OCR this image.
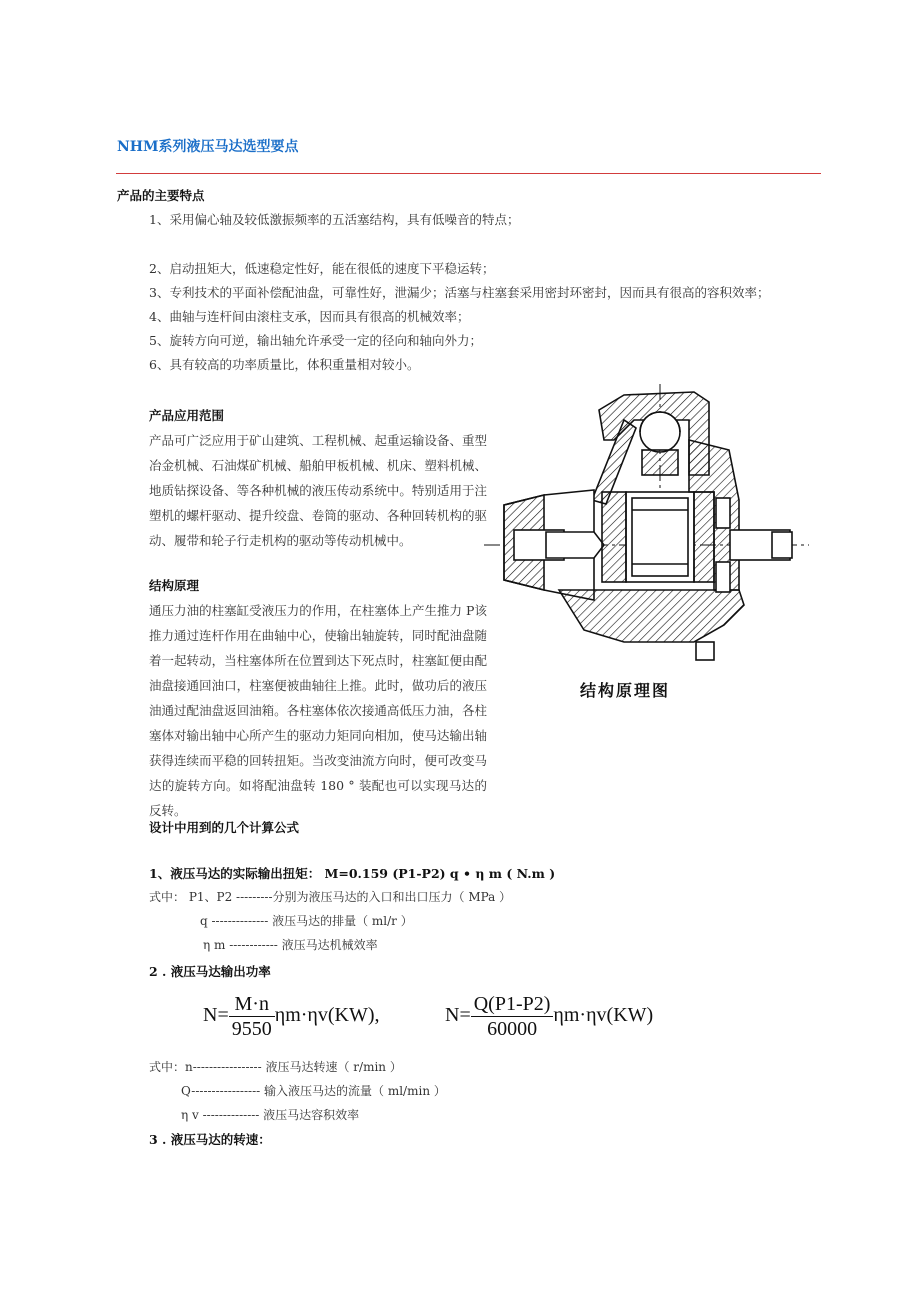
NHM系列液压马达选型要点
产品的主要特点
1、采用偏心轴及较低激振频率的五活塞结构，具有低噪音的特点；
2、启动扭矩大，低速稳定性好，能在很低的速度下平稳运转；
3、专利技术的平面补偿配油盘，可靠性好，泄漏少；活塞与柱塞套采用密封环密封，因而具有很高的容积效率；
4、曲轴与连杆间由滚柱支承，因而具有很高的机械效率；
5、旋转方向可逆，输出轴允许承受一定的径向和轴向外力；
6、具有较高的功率质量比，体积重量相对较小。
产品应用范围
产品可广泛应用于矿山建筑、工程机械、起重运输设备、重型冶金机械、石油煤矿机械、船舶甲板机械、机床、塑料机械、地质钻探设备、等各种机械的液压传动系统中。特别适用于注塑机的螺杆驱动、提升绞盘、卷筒的驱动、各种回转机构的驱动、履带和轮子行走机构的驱动等传动机械中。
结构原理
通压力油的柱塞缸受液压力的作用，在柱塞体上产生推力 P该推力通过连杆作用在曲轴中心，使输出轴旋转，同时配油盘随着一起转动，当柱塞体所在位置到达下死点时，柱塞缸便由配油盘接通回油口，柱塞便被曲轴往上推。此时，做功后的液压油通过配油盘返回油箱。各柱塞体依次接通高低压力油，各柱塞体对输出轴中心所产生的驱动力矩同向相加，使马达输出轴获得连续而平稳的回转扭矩。当改变油流方向时，便可改变马达的旋转方向。如将配油盘转 180 ° 装配也可以实现马达的反转。
结构原理图
设计中用到的几个计算公式
1、液压马达的实际输出扭矩： M=0.159 (P1-P2) q • η m ( N.m )
式中： P1、P2 ---------分别为液压马达的入口和出口压力（ MPa ）
q -------------- 液压马达的排量（ ml/r ）
η m ------------ 液压马达机械效率
2 . 液压马达输出功率
$N= \frac{M\cdot n}{9550} \eta m\cdot\eta v(KW)$,	$N= \frac{Q(P1-P2)}{60000} \eta m\cdot\eta v(KW)$
式中：n----------------- 液压马达转速（ r/min ）
Q----------------- 输入液压马达的流量（ ml/min ）
η v -------------- 液压马达容积效率
3 . 液压马达的转速：
